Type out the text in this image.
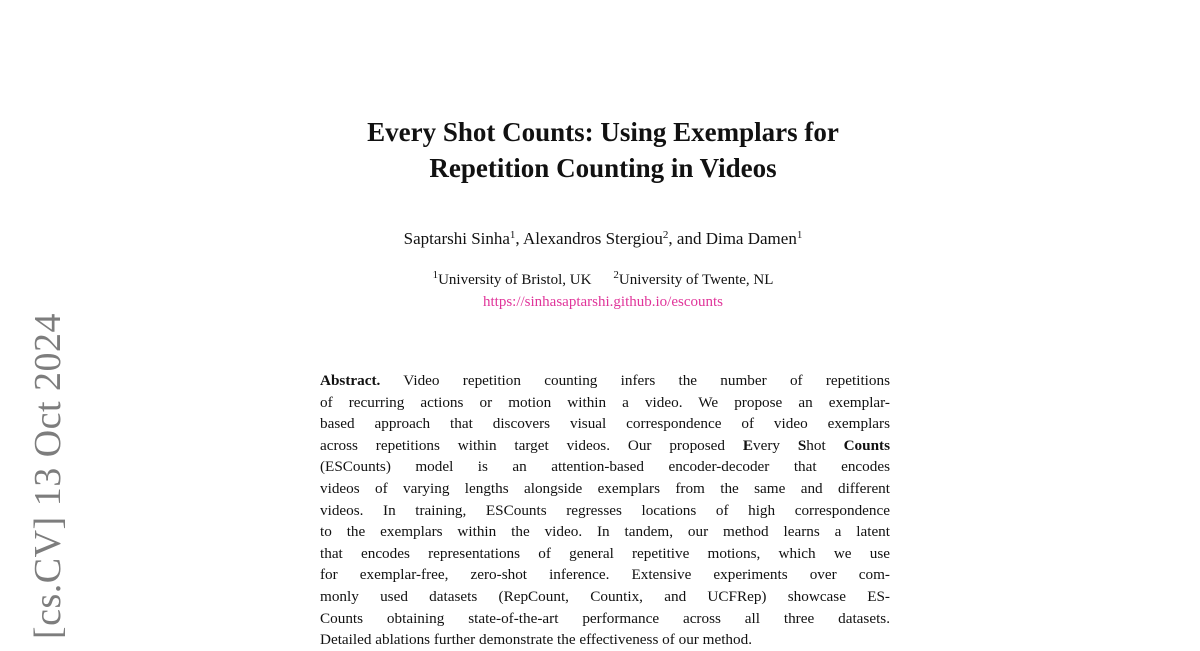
[cs.CV] 13 Oct 2024
Every Shot Counts: Using Exemplars for
Repetition Counting in Videos
Saptarshi Sinha$^1$, Alexandros Stergiou$^2$, and Dima Damen$^1$
$^1$University of Bristol, UK $^2$University of Twente, NL
https://sinhasaptarshi.github.io/escounts
Abstract. Video repetition counting infers the number of repetitions
of recurring actions or motion within a video. We propose an exemplar-
based approach that discovers visual correspondence of video exemplars
across repetitions within target videos. Our proposed Every Shot Counts
(ESCounts) model is an attention-based encoder-decoder that encodes
videos of varying lengths alongside exemplars from the same and different
videos. In training, ESCounts regresses locations of high correspondence
to the exemplars within the video. In tandem, our method learns a latent
that encodes representations of general repetitive motions, which we use
for exemplar-free, zero-shot inference. Extensive experiments over com-
monly used datasets (RepCount, Countix, and UCFRep) showcase ES-
Counts obtaining state-of-the-art performance across all three datasets.
Detailed ablations further demonstrate the effectiveness of our method.
